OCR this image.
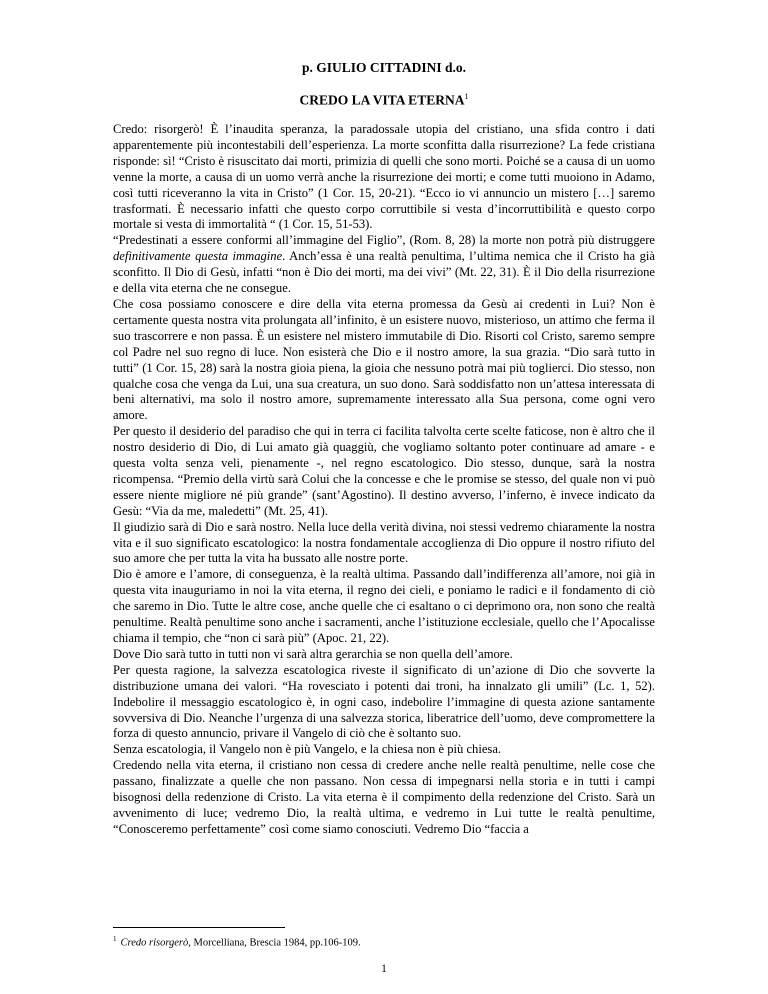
p. GIULIO CITTADINI d.o.
CREDO LA VITA ETERNA$^1$

Credo: risorgerò! È l’inaudita speranza, la paradossale utopia del cristiano, una sfida contro i dati apparentemente più incontestabili dell’esperienza. La morte sconfitta dalla risurrezione? La fede cristiana risponde: sì! “Cristo è risuscitato dai morti, primizia di quelli che sono morti. Poiché se a causa di un uomo venne la morte, a causa di un uomo verrà anche la risurrezione dei morti; e come tutti muoiono in Adamo, così tutti riceveranno la vita in Cristo” (1 Cor. 15, 20-21). “Ecco io vi annuncio un mistero […] saremo trasformati. È necessario infatti che questo corpo corruttibile si vesta d’incorruttibilità e questo corpo mortale si vesta di immortalità “ (1 Cor. 15, 51-53).

“Predestinati a essere conformi all’immagine del Figlio”, (Rom. 8, 28) la morte non potrà più distruggere definitivamente questa immagine. Anch’essa è una realtà penultima, l’ultima nemica che il Cristo ha già sconfitto. Il Dio di Gesù, infatti “non è Dio dei morti, ma dei vivi” (Mt. 22, 31). È il Dio della risurrezione e della vita eterna che ne consegue.

Che cosa possiamo conoscere e dire della vita eterna promessa da Gesù ai credenti in Lui? Non è certamente questa nostra vita prolungata all’infinito, è un esistere nuovo, misterioso, un attimo che ferma il suo trascorrere e non passa. È un esistere nel mistero immutabile di Dio. Risorti col Cristo, saremo sempre col Padre nel suo regno di luce. Non esisterà che Dio e il nostro amore, la sua grazia. “Dio sarà tutto in tutti” (1 Cor. 15, 28) sarà la nostra gioia piena, la gioia che nessuno potrà mai più toglierci. Dio stesso, non qualche cosa che venga da Lui, una sua creatura, un suo dono. Sarà soddisfatto non un’attesa interessata di beni alternativi, ma solo il nostro amore, supremamente interessato alla Sua persona, come ogni vero amore.

Per questo il desiderio del paradiso che qui in terra ci facilita talvolta certe scelte faticose, non è altro che il nostro desiderio di Dio, di Lui amato già quaggiù, che vogliamo soltanto poter continuare ad amare - e questa volta senza veli, pienamente -, nel regno escatologico. Dio stesso, dunque, sarà la nostra ricompensa. “Premio della virtù sarà Colui che la concesse e che le promise se stesso, del quale non vi può essere niente migliore né più grande” (sant’Agostino). Il destino avverso, l’inferno, è invece indicato da Gesù: “Via da me, maledetti” (Mt. 25, 41).

Il giudizio sarà di Dio e sarà nostro. Nella luce della verità divina, noi stessi vedremo chiaramente la nostra vita e il suo significato escatologico: la nostra fondamentale accoglienza di Dio oppure il nostro rifiuto del suo amore che per tutta la vita ha bussato alle nostre porte.

Dio è amore e l’amore, di conseguenza, è la realtà ultima. Passando dall’indifferenza all’amore, noi già in questa vita inauguriamo in noi la vita eterna, il regno dei cieli, e poniamo le radici e il fondamento di ciò che saremo in Dio. Tutte le altre cose, anche quelle che ci esaltano o ci deprimono ora, non sono che realtà penultime. Realtà penultime sono anche i sacramenti, anche l’istituzione ecclesiale, quello che l’Apocalisse chiama il tempio, che “non ci sarà più” (Apoc. 21, 22).

Dove Dio sarà tutto in tutti non vi sarà altra gerarchia se non quella dell’amore.

Per questa ragione, la salvezza escatologica riveste il significato di un’azione di Dio che sovverte la distribuzione umana dei valori. “Ha rovesciato i potenti dai troni, ha innalzato gli umili” (Lc. 1, 52). Indebolire il messaggio escatologico è, in ogni caso, indebolire l’immagine di questa azione santamente sovversiva di Dio. Neanche l’urgenza di una salvezza storica, liberatrice dell’uomo, deve compromettere la forza di questo annuncio, privare il Vangelo di ciò che è soltanto suo.

Senza escatologia, il Vangelo non è più Vangelo, e la chiesa non è più chiesa.

Credendo nella vita eterna, il cristiano non cessa di credere anche nelle realtà penultime, nelle cose che passano, finalizzate a quelle che non passano. Non cessa di impegnarsi nella storia e in tutti i campi bisognosi della redenzione di Cristo. La vita eterna è il compimento della redenzione del Cristo. Sarà un avvenimento di luce; vedremo Dio, la realtà ultima, e vedremo in Lui tutte le realtà penultime, “Conosceremo perfettamente” così come siamo conosciuti. Vedremo Dio “faccia a

$^1$ Credo risorgerò, Morcelliana, Brescia 1984, pp.106-109.
1
